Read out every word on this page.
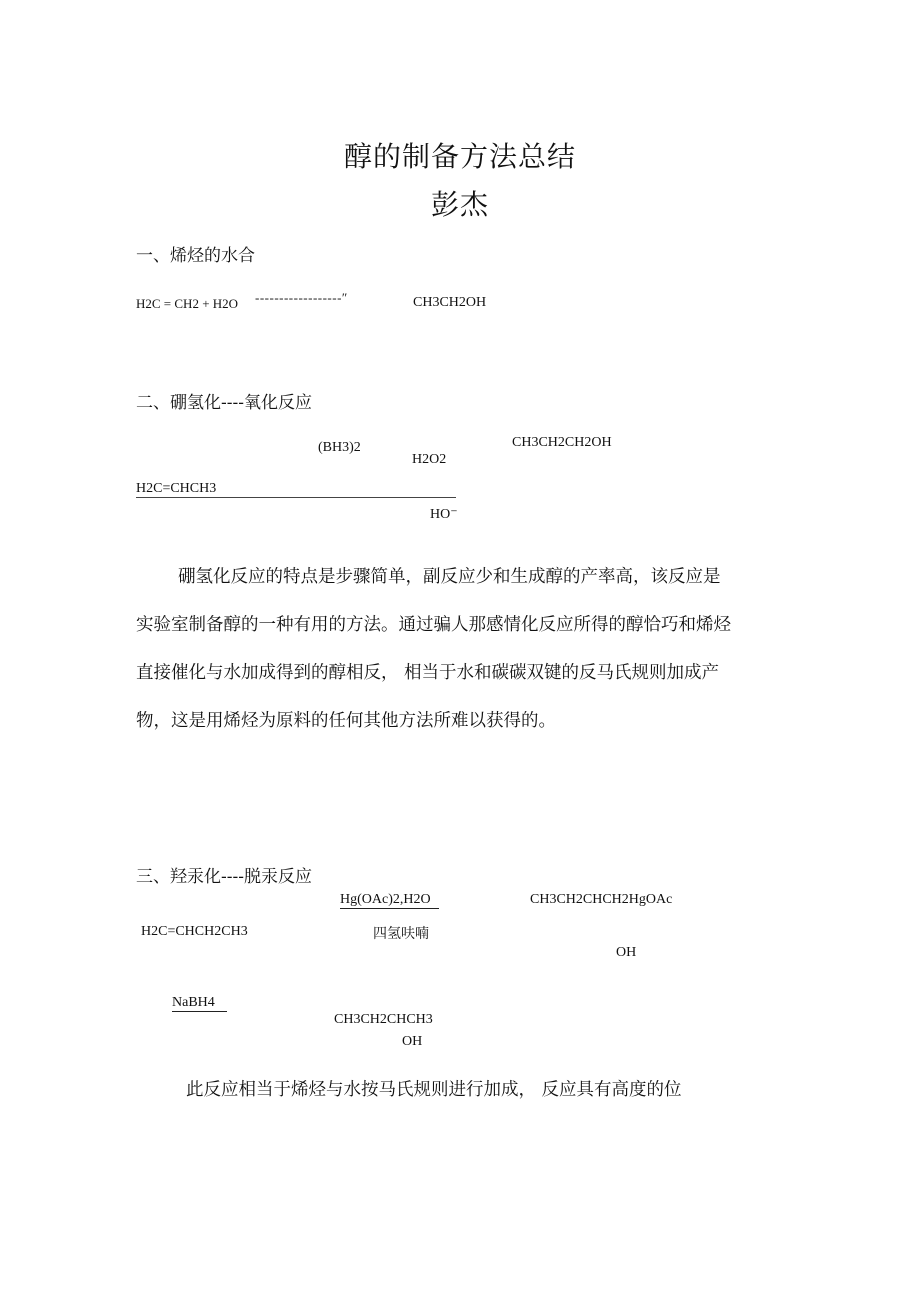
醇的制备方法总结
彭杰
一、烯烃的水合
H2C = CH2 + H2O ------------------″	CH3CH2OH
二、硼氢化----氧化反应
CH3CH2CH2OH
(BH3)2
H2O2
H2C=CHCH3
HO⁻
硼氢化反应的特点是步骤简单，副反应少和生成醇的产率高，该反应是实验室制备醇的一种有用的方法。通过骗人那感情化反应所得的醇恰巧和烯烃直接催化与水加成得到的醇相反， 相当于水和碳碳双键的反马氏规则加成产物，这是用烯烃为原料的任何其他方法所难以获得的。
三、羟汞化----脱汞反应
Hg(OAc)2,H2O	CH3CH2CHCH2HgOAc
H2C=CHCH2CH3	四氢呋喃
OH
NaBH4
CH3CH2CHCH3
OH
此反应相当于烯烃与水按马氏规则进行加成， 反应具有高度的位
